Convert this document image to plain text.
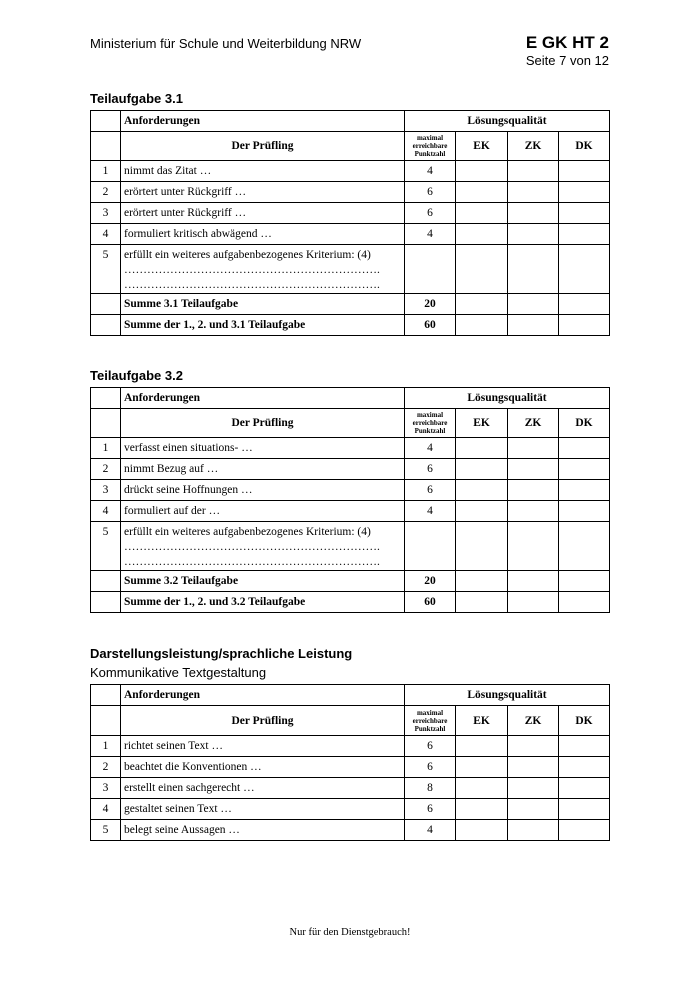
Ministerium für Schule und Weiterbildung NRW	E GK HT 2
Seite 7 von 12
Teilaufgabe 3.1
	Anforderungen	Lösungsqualität			
	Der Prüfling	maximal
erreichbare
Punktzahl	EK	ZK	DK
1	nimmt das Zitat …	4			
2	erörtert unter Rückgriff …	6			
3	erörtert unter Rückgriff …	6			
4	formuliert kritisch abwägend …	4			
5	erfüllt ein weiteres aufgabenbezogenes Kriterium: (4)
………………………………………………………….
………………………………………………………….				

	Summe 3.1 Teilaufgabe	20			
	Summe der 1., 2. und 3.1 Teilaufgabe	60			
Teilaufgabe 3.2
	Anforderungen	Lösungsqualität			
	Der Prüfling	maximal
erreichbare
Punktzahl	EK	ZK	DK
1	verfasst einen situations- …	4			
2	nimmt Bezug auf …	6			
3	drückt seine Hoffnungen …	6			
4	formuliert auf der …	4			
5	erfüllt ein weiteres aufgabenbezogenes Kriterium: (4)
………………………………………………………….
………………………………………………………….				

	Summe 3.2 Teilaufgabe	20			
	Summe der 1., 2. und 3.2 Teilaufgabe	60			
Darstellungsleistung/sprachliche Leistung
Kommunikative Textgestaltung
	Anforderungen	Lösungsqualität			
	Der Prüfling	maximal
erreichbare
Punktzahl	EK	ZK	DK
1	richtet seinen Text …	6			
2	beachtet die Konventionen …	6			
3	erstellt einen sachgerecht …	8			
4	gestaltet seinen Text …	6			
5	belegt seine Aussagen …	4			
Nur für den Dienstgebrauch!
